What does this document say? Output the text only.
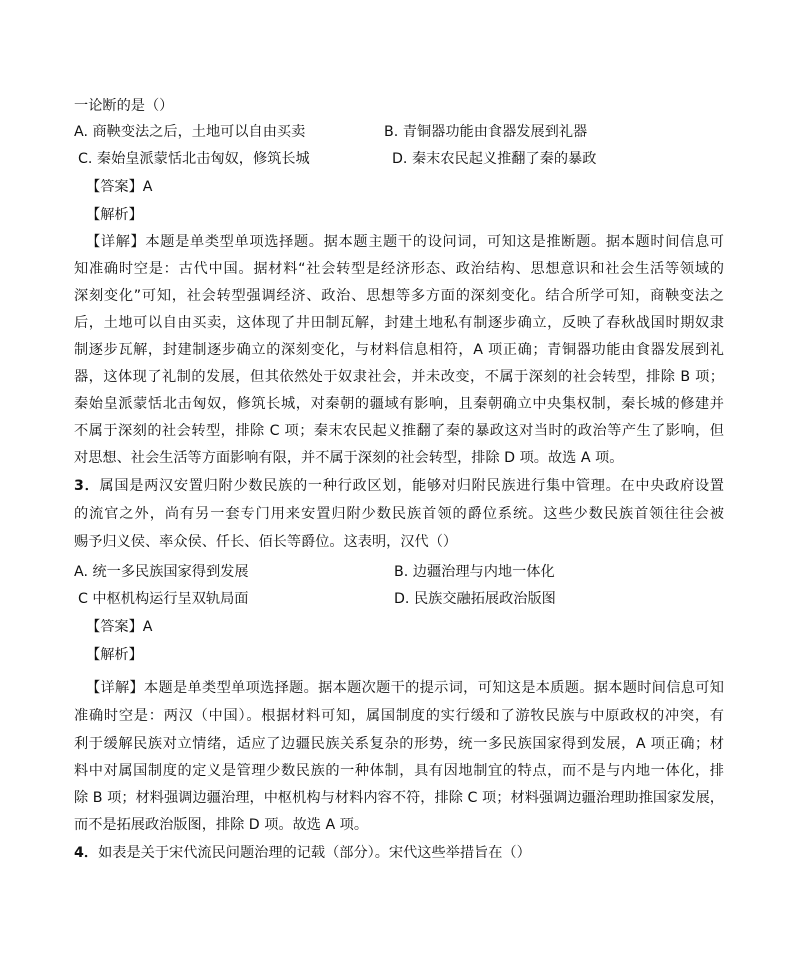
一论断的是（）
A. 商鞅变法之后，土地可以自由买卖	B. 青铜器功能由食器发展到礼器
C. 秦始皇派蒙恬北击匈奴，修筑长城	D. 秦末农民起义推翻了秦的暴政
【答案】A
【解析】
【详解】本题是单类型单项选择题。据本题主题干的设问词，可知这是推断题。据本题时间信息可
知准确时空是：古代中国。据材料“社会转型是经济形态、政治结构、思想意识和社会生活等领域的
深刻变化”可知，社会转型强调经济、政治、思想等多方面的深刻变化。结合所学可知，商鞅变法之
后，土地可以自由买卖，这体现了井田制瓦解，封建土地私有制逐步确立，反映了春秋战国时期奴隶
制逐步瓦解，封建制逐步确立的深刻变化，与材料信息相符，A 项正确；青铜器功能由食器发展到礼
器，这体现了礼制的发展，但其依然处于奴隶社会，并未改变，不属于深刻的社会转型，排除 B 项；
秦始皇派蒙恬北击匈奴，修筑长城，对秦朝的疆域有影响，且秦朝确立中央集权制，秦长城的修建并
不属于深刻的社会转型，排除 C 项；秦末农民起义推翻了秦的暴政这对当时的政治等产生了影响，但
对思想、社会生活等方面影响有限，并不属于深刻的社会转型，排除 D 项。故选 A 项。
3．属国是两汉安置归附少数民族的一种行政区划，能够对归附民族进行集中管理。在中央政府设置
的流官之外，尚有另一套专门用来安置归附少数民族首领的爵位系统。这些少数民族首领往往会被
赐予归义侯、率众侯、仟长、佰长等爵位。这表明，汉代（）
A. 统一多民族国家得到发展	B. 边疆治理与内地一体化
C 中枢机构运行呈双轨局面	D. 民族交融拓展政治版图
【答案】A
【解析】
【详解】本题是单类型单项选择题。据本题次题干的提示词，可知这是本质题。据本题时间信息可知
准确时空是：两汉（中国）。根据材料可知，属国制度的实行缓和了游牧民族与中原政权的冲突，有
利于缓解民族对立情绪，适应了边疆民族关系复杂的形势，统一多民族国家得到发展，A 项正确；材
料中对属国制度的定义是管理少数民族的一种体制，具有因地制宜的特点，而不是与内地一体化，排
除 B 项；材料强调边疆治理，中枢机构与材料内容不符，排除 C 项；材料强调边疆治理助推国家发展，
而不是拓展政治版图，排除 D 项。故选 A 项。
4．如表是关于宋代流民问题治理的记载（部分）。宋代这些举措旨在（）
